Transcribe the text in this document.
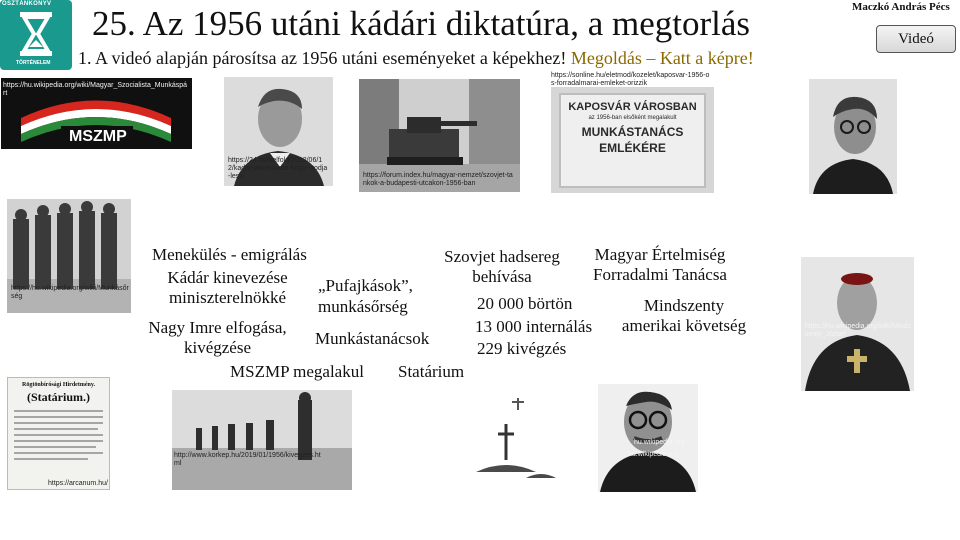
OSZTÁNKÖNYV
TÖRTÉNELEM
25. Az 1956 utáni kádári diktatúra, a megtorlás	Maczkó András Pécs
Videó
1. A videó alapján párosítsa az 1956 utáni eseményeket a képekhez! Megoldás – Katt a képre!
https://hu.wikipedia.org/wiki/Magyar_Szocialista_Munkáspárt
MSZMP
https://24.hu/belfold/2012/06/12/kadar-janos-tudta-hogy-utodja-lesz/	https://forum.index.hu/magyar-nemzet/szovjet-tankok-a-budapesti-utcakon-1956-ban
https://sonline.hu/eletmod/kozelet/kaposvar-1956-os-forradalmarai-emleket-orizzik
KAPOSVÁR VÁROSBAN
az 1956-ban elsőként megalakult
MUNKÁSTANÁCS
EMLÉKÉRE
https://hu.wikipedia.org/wiki/Munkásőrség
Rögtönbírósági Hirdetmény.
(Statárium.)
https://arcanum.hu/
http://www.korkep.hu/2019/01/1956/kivegzes.html
hu.wikipedia.org
hu.wikipedia.org
https://hu.wikipedia.org/wiki/Mindszenty_József
Menekülés - emigrálás
Kádár kinevezése miniszterelnökké
„Pufajkások”,
munkásőrség
Nagy Imre elfogása, kivégzése	Munkástanácsok
Szovjet hadsereg behívása
Magyar Értelmiség Forradalmi Tanácsa
20 000 börtön
13 000 internálás
229 kivégzés
Mindszenty amerikai követség
MSZMP megalakul Statárium
